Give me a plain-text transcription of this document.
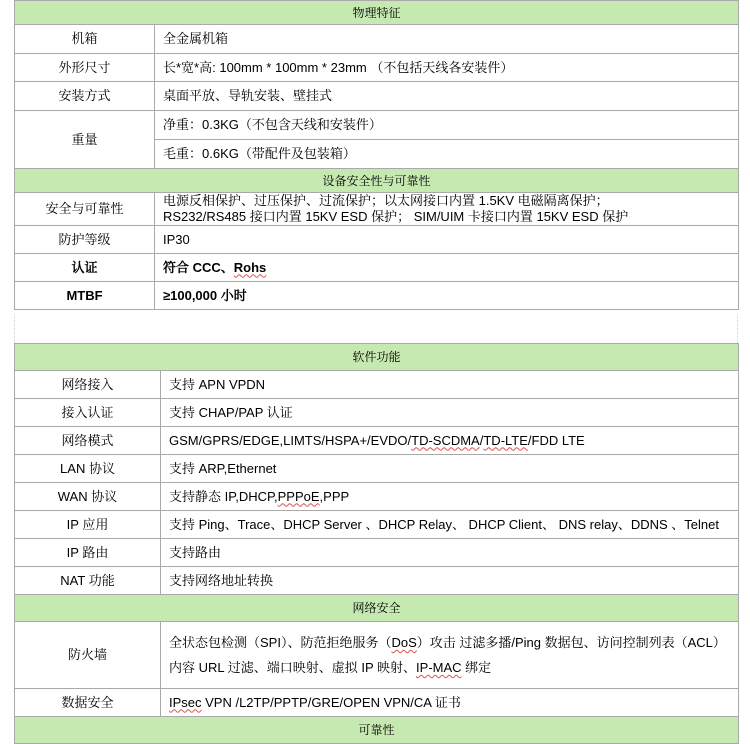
物理特征	
机箱	全金属机箱
外形尺寸	长*宽*高: 100mm * 100mm * 23mm （不包括天线各安装件）
安装方式	桌面平放、导轨安装、壁挂式
重量	净重：0.3KG（不包含天线和安装件）
	毛重：0.6KG（带配件及包装箱）
设备安全性与可靠性	
安全与可靠性	电源反相保护、过压保护、过流保护；以太网接口内置 1.5KV 电磁隔离保护；
RS232/RS485 接口内置 15KV ESD 保护； SIM/UIM 卡接口内置 15KV ESD 保护

防护等级	IP30
认证	符合 CCC、Rohs
MTBF	≥100,000 小时
软件功能	
网络接入	支持 APN VPDN
接入认证	支持 CHAP/PAP 认证
网络模式	GSM/GPRS/EDGE,LIMTS/HSPA+/EVDO/TD-SCDMA/TD-LTE/FDD LTE
LAN 协议	支持 ARP,Ethernet
WAN 协议	支持静态 IP,DHCP,PPPoE,PPP
IP 应用	支持 Ping、Trace、DHCP Server 、DHCP Relay、 DHCP Client、 DNS relay、DDNS 、Telnet
IP 路由	支持路由
NAT 功能	支持网络地址转换
网络安全	
防火墙	全状态包检测（SPI）、防范拒绝服务（DoS）攻击 过滤多播/Ping 数据包、访问控制列表（ACL）
内容 URL 过滤、端口映射、虚拟 IP 映射、IP-MAC 绑定

数据安全	IPsec VPN /L2TP/PPTP/GRE/OPEN VPN/CA 证书
可靠性	
